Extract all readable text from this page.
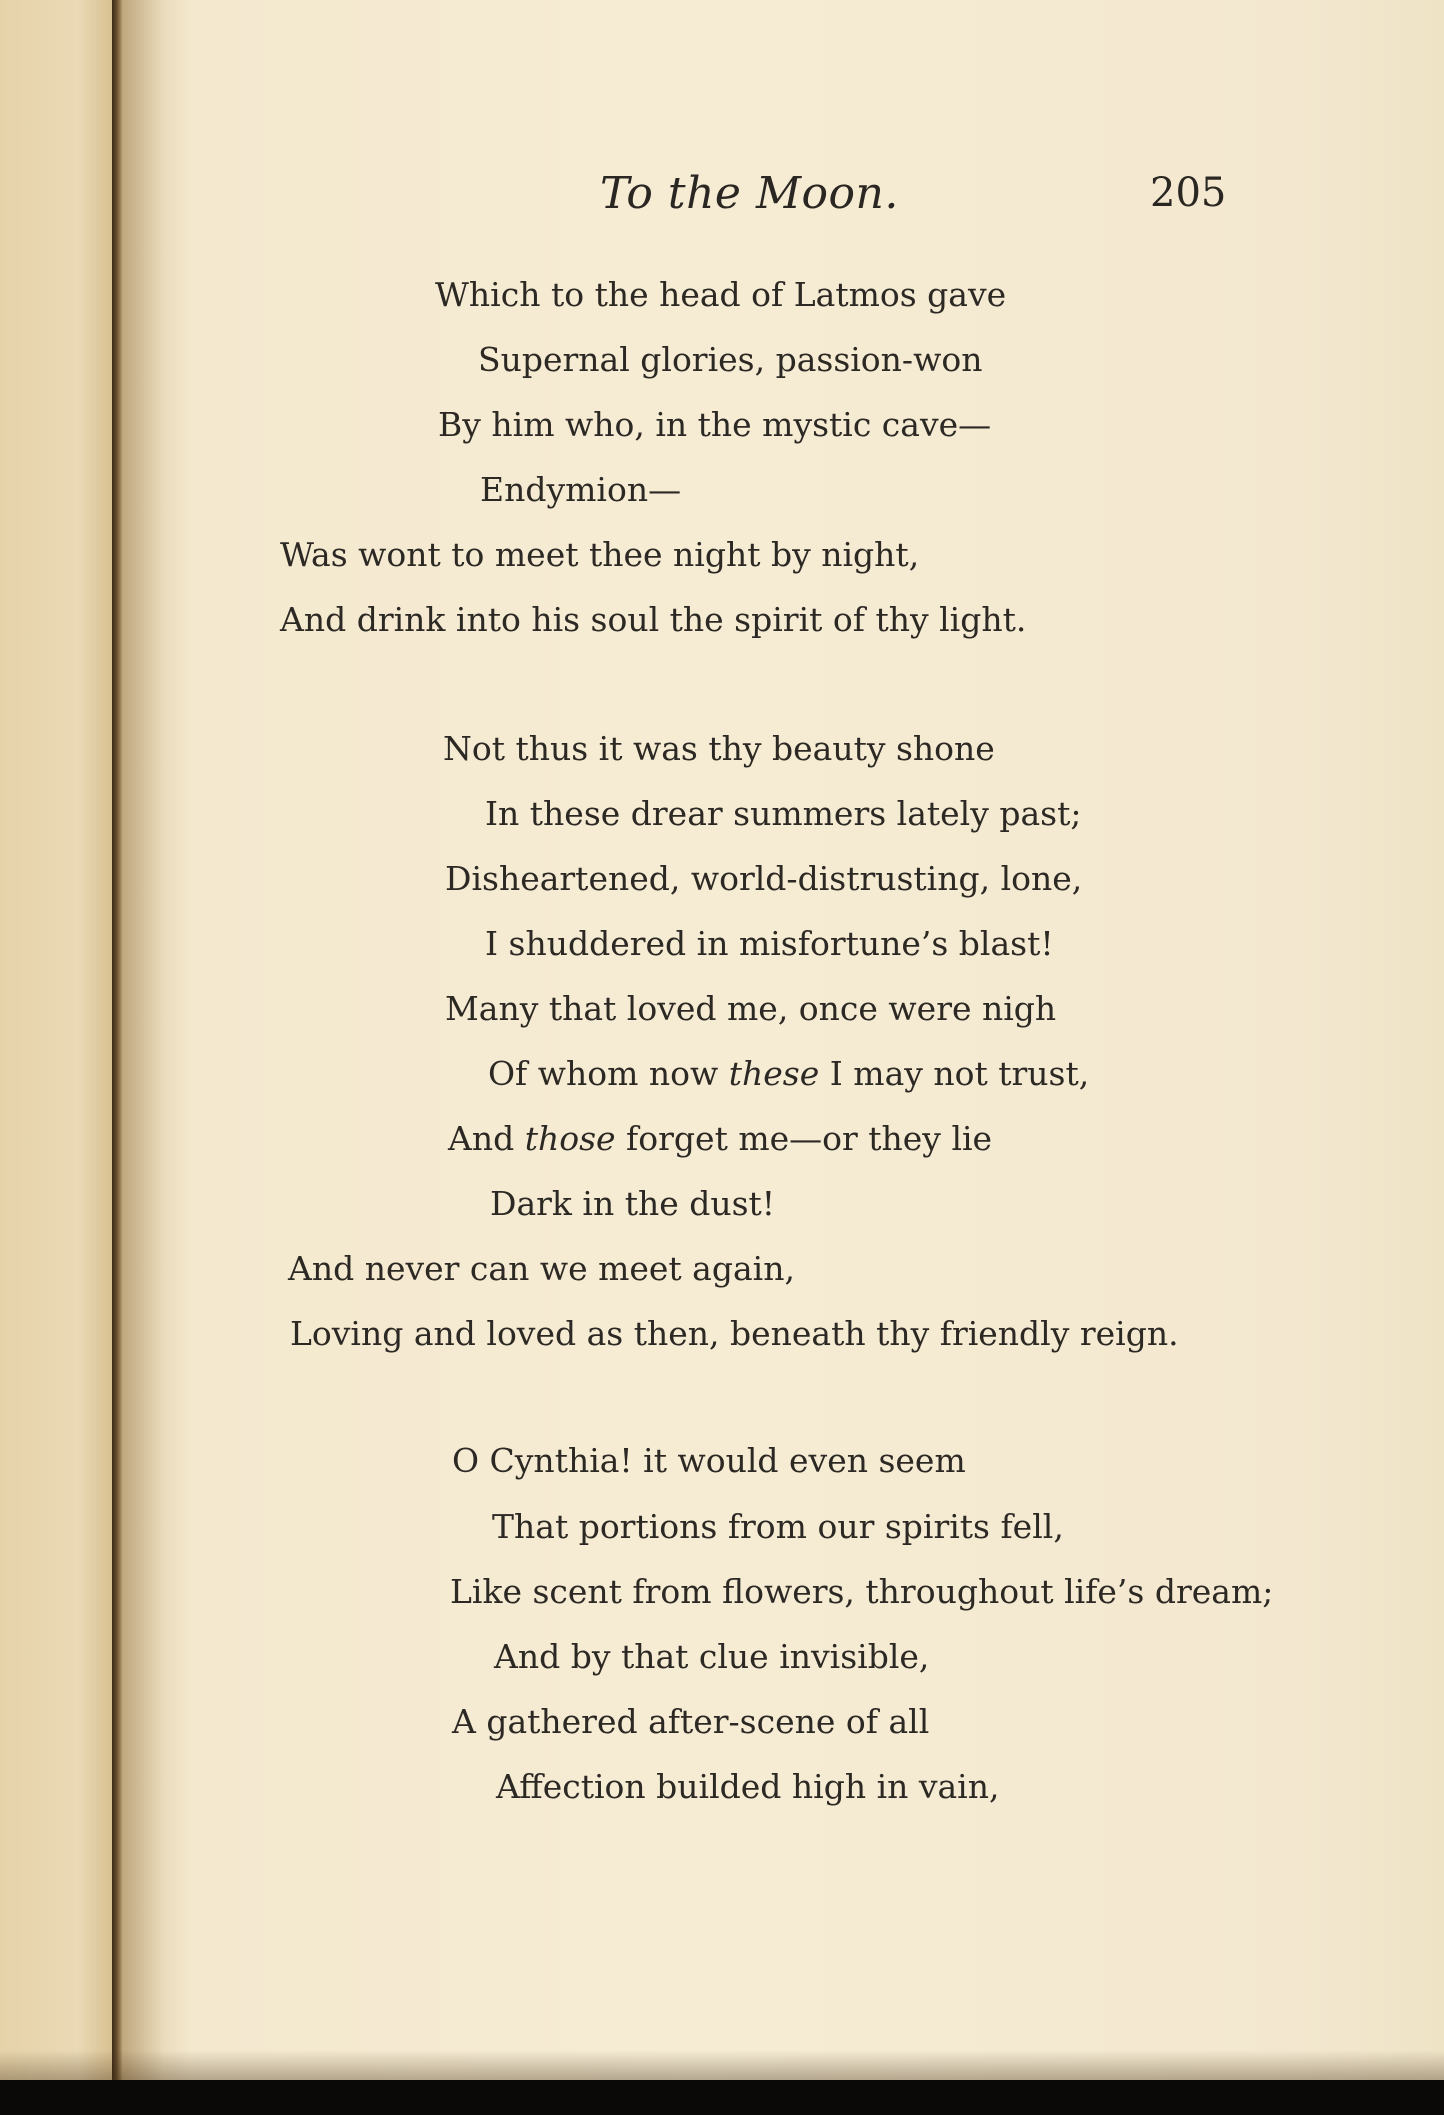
To the Moon.	205
Which to the head of Latmos gave
Supernal glories, passion-won
By him who, in the mystic cave—
Endymion—
Was wont to meet thee night by night,
And drink into his soul the spirit of thy light.
Not thus it was thy beauty shone
In these drear summers lately past;
Disheartened, world-distrusting, lone,
I shuddered in misfortune’s blast!
Many that loved me, once were nigh
Of whom now these I may not trust,
And those forget me—or they lie
Dark in the dust!
And never can we meet again,
Loving and loved as then, beneath thy friendly reign.
O Cynthia! it would even seem
That portions from our spirits fell,
Like scent from flowers, throughout life’s dream;
And by that clue invisible,
A gathered after-scene of all
Affection builded high in vain,
